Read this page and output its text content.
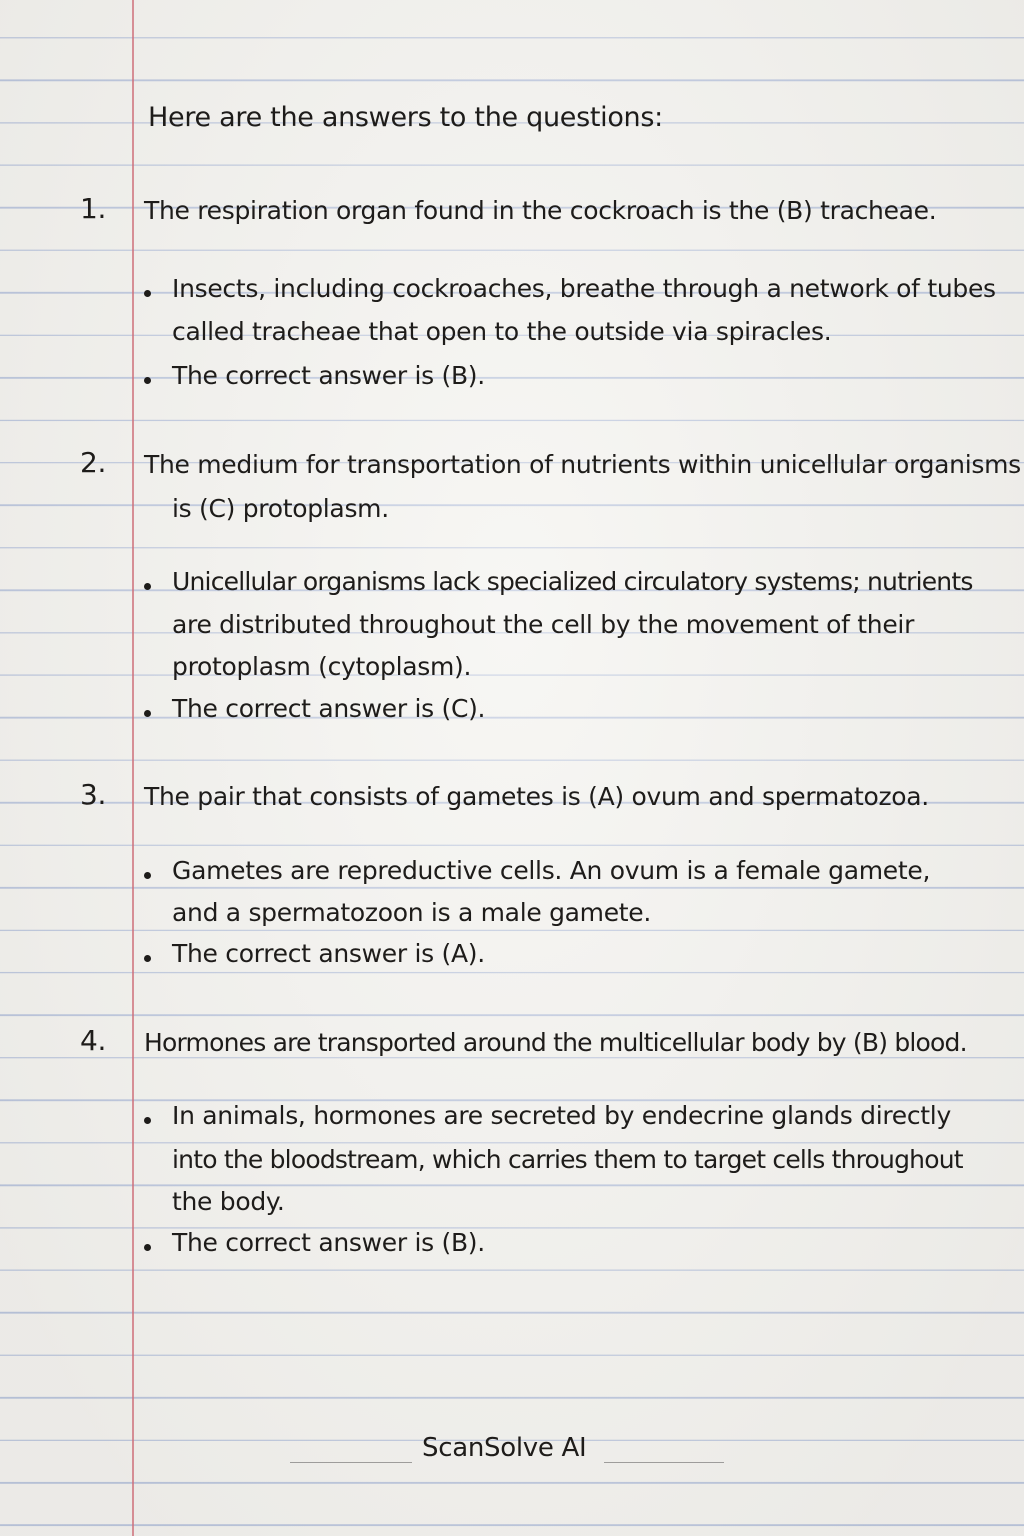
Here are the answers to the questions:
1. The respiration organ found in the cockroach is the (B) tracheae.
Insects, including cockroaches, breathe through a network of tubes
called tracheae that open to the outside via spiracles.
The correct answer is (B).
2. The medium for transportation of nutrients within unicellular organisms
is (C) protoplasm.
Unicellular organisms lack specialized circulatory systems; nutrients
are distributed throughout the cell by the movement of their
protoplasm (cytoplasm).
The correct answer is (C).
3. The pair that consists of gametes is (A) ovum and spermatozoa.
Gametes are repreductive cells. An ovum is a female gamete,
and a spermatozoon is a male gamete.
The correct answer is (A).
4. Hormones are transported around the multicellular body by (B) blood.
In animals, hormones are secreted by endecrine glands directly
into the bloodstream, which carries them to target cells throughout
the body.
The correct answer is (B).
ScanSolve AI
